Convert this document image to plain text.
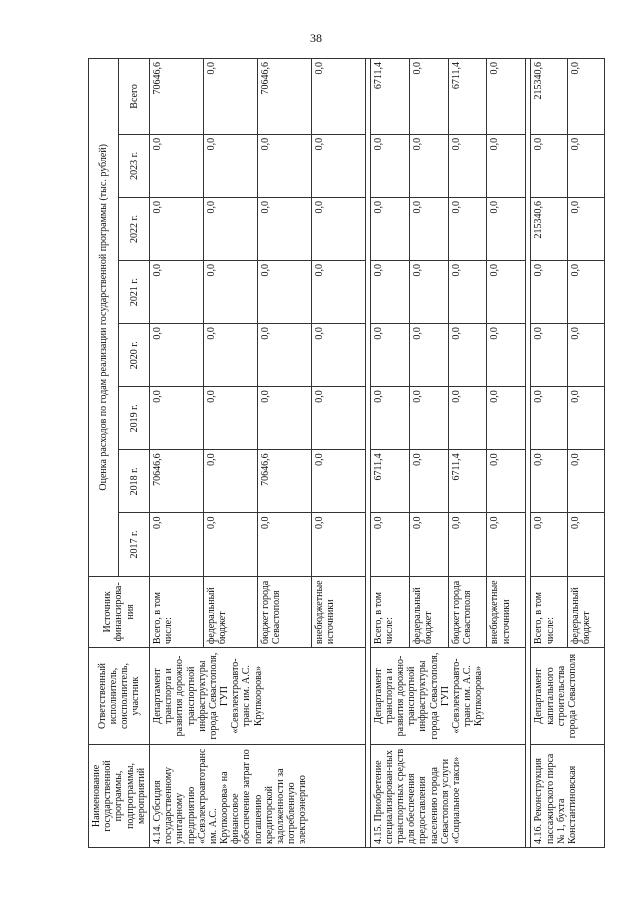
38
Наименование государственной программы, подпрограммы, мероприятий	Ответственный исполнитель, соисполнитель, участник	Источник финансирова-ния	Оценка расходов по годам реализации государственной программы (тыс. рублей)							
			2017 г.	2018 г.	2019 г.	2020 г.	2021 г.	2022 г.	2023 г.	Всего
4.14. Субсидия государственному унитарному предприятию «Севэлектроавтотранс им. А.С. Крупкоорова» на финансовое обеспечение затрат по погашению кредиторской задолженности за потребленную электроэнергию	Департамент транспорта и развития дорожно-транспортной инфраструктуры города Севастополя, ГУП «Севэлектроавто-транс им. А.С. Крупкоорова»	Всего, в том числе:	0,0	70646,6	0,0	0,0	0,0	0,0	0,0	70646,6
		федеральный бюджет	0,0	0,0	0,0	0,0	0,0	0,0	0,0	0,0
		бюджет города Севастополя	0,0	70646,6	0,0	0,0	0,0	0,0	0,0	70646,6
		внебюджетные источники	0,0	0,0	0,0	0,0	0,0	0,0	0,0	0,0

4.15. Приобретение специализирован-ных транспортных средств для обеспечения предоставления населению города Севастополя услуги «Социальное такси»	Департамент транспорта и развития дорожно-транспортной инфраструктуры города Севастополя, ГУП «Севэлектроавто-транс им. А.С. Крупкоорова»	Всего, в том числе:	0,0	6711,4	0,0	0,0	0,0	0,0	0,0	6711,4
		федеральный бюджет	0,0	0,0	0,0	0,0	0,0	0,0	0,0	0,0
		бюджет города Севастополя	0,0	6711,4	0,0	0,0	0,0	0,0	0,0	6711,4
		внебюджетные источники	0,0	0,0	0,0	0,0	0,0	0,0	0,0	0,0

4.16. Реконструкция пассажирского пирса № 1, бухта Константиновская	Департамент капитального строительства города Севастополя	Всего, в том числе:	0,0	0,0	0,0	0,0	0,0	215340,6	0,0	215340,6
		федеральный бюджет	0,0	0,0	0,0	0,0	0,0	0,0	0,0	0,0
